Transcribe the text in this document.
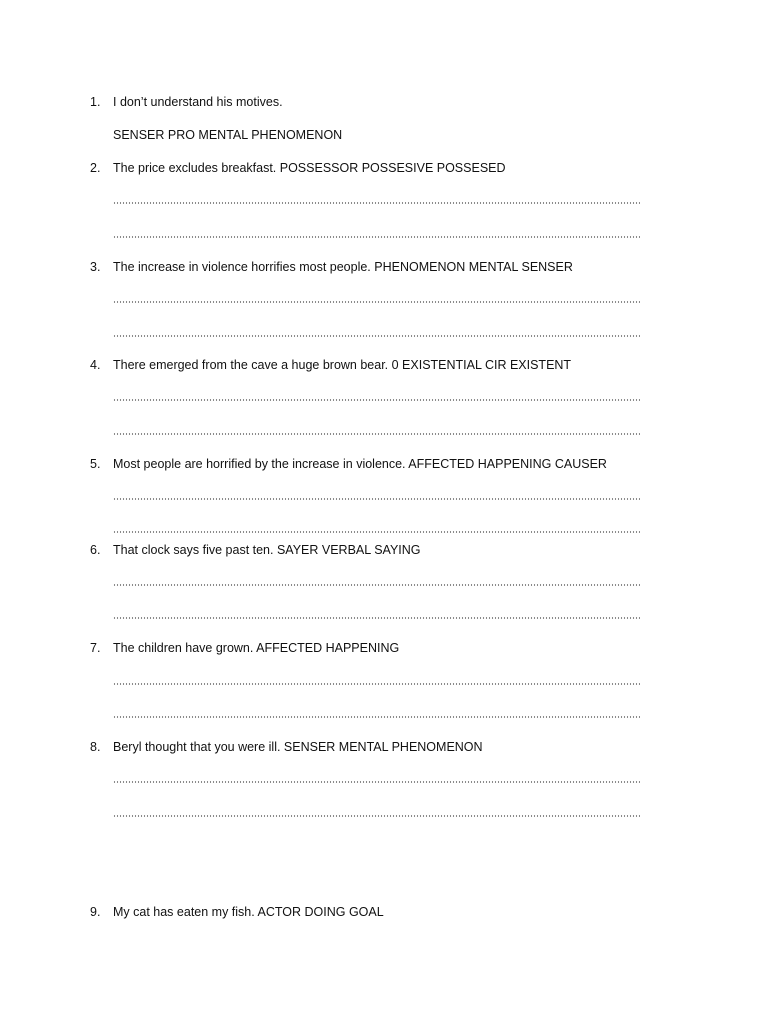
1. I don’t understand his motives.
SENSER PRO MENTAL PHENOMENON
2. The price excludes breakfast. POSSESSOR POSSESIVE POSSESED
3. The increase in violence horrifies most people. PHENOMENON MENTAL SENSER
4. There emerged from the cave a huge brown bear. 0 EXISTENTIAL CIR EXISTENT
5. Most people are horrified by the increase in violence. AFFECTED HAPPENING CAUSER
6. That clock says five past ten. SAYER VERBAL SAYING
7. The children have grown. AFFECTED HAPPENING
8. Beryl thought that you were ill. SENSER MENTAL PHENOMENON
9. My cat has eaten my fish. ACTOR DOING GOAL
